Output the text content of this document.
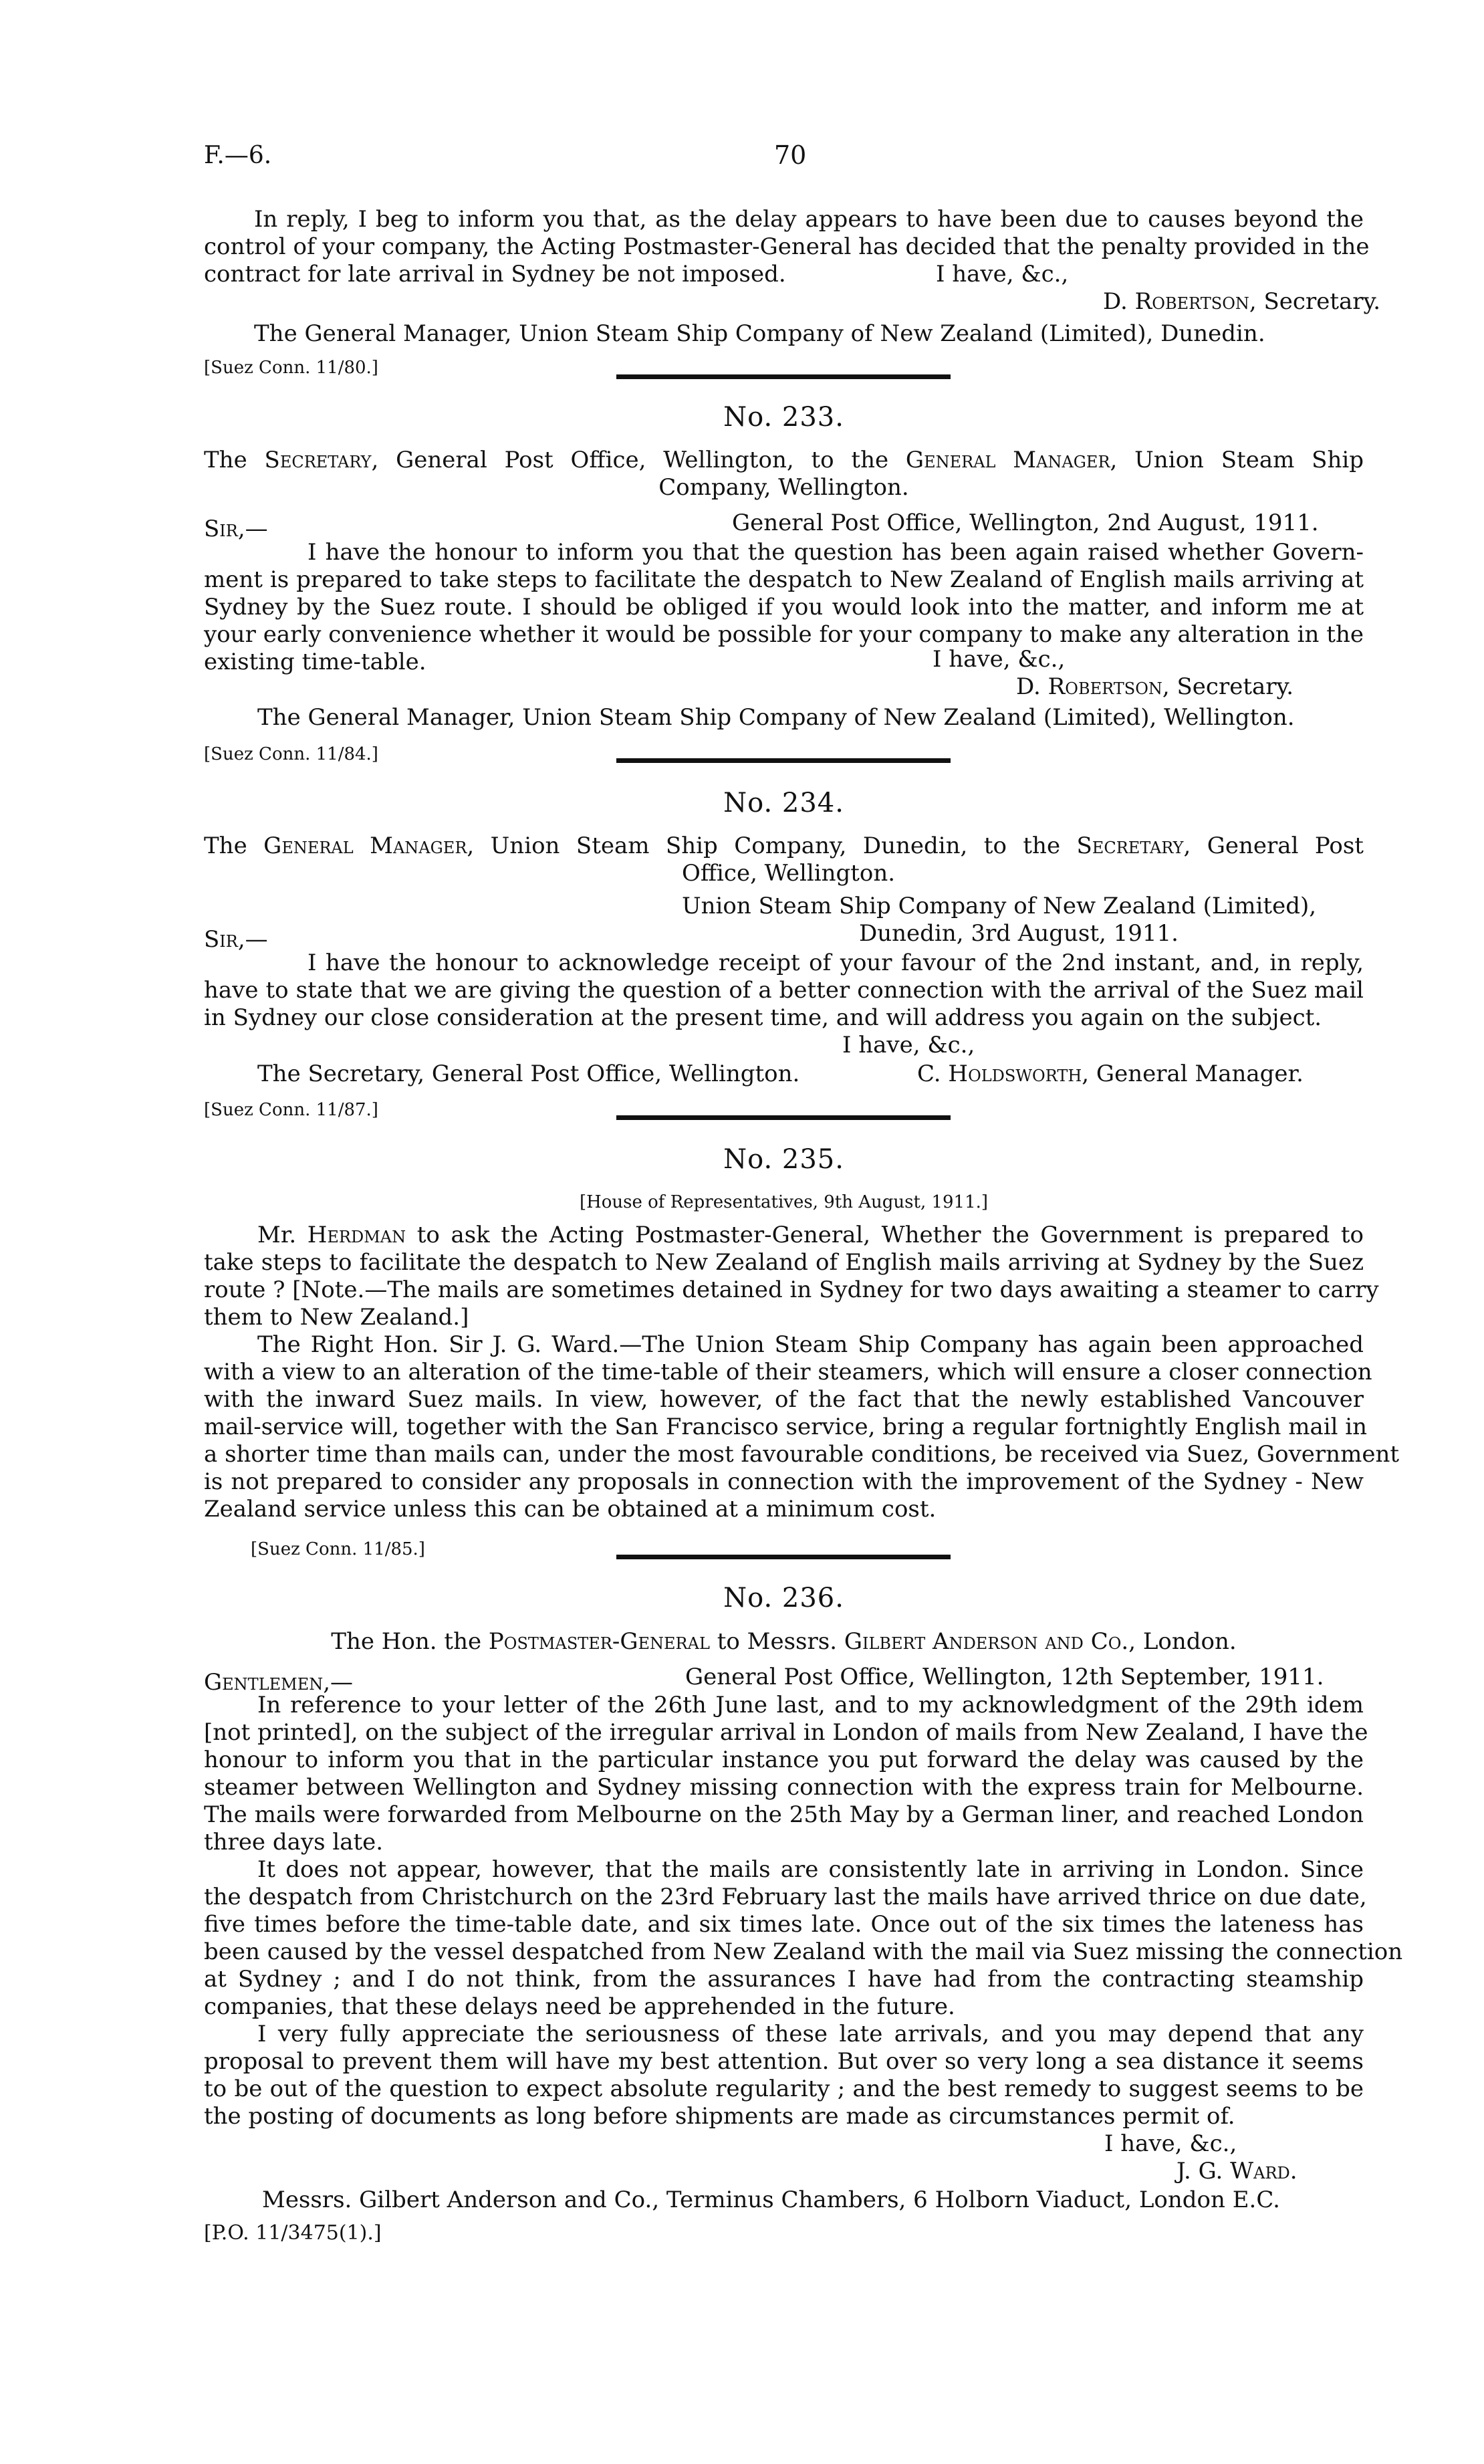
F.—6.	70
In reply, I beg to inform you that, as the delay appears to have been due to causes beyond the
control of your company, the Acting Postmaster-General has decided that the penalty provided in the
contract for late arrival in Sydney be not imposed.	I have, &c.,
D. Robertson, Secretary.
The General Manager, Union Steam Ship Company of New Zealand (Limited), Dunedin.
[Suez Conn. 11/80.]
No. 233.
The Secretary, General Post Office, Wellington, to the General Manager, Union Steam Ship
Company, Wellington.
Sir,—	General Post Office, Wellington, 2nd August, 1911.
I have the honour to inform you that the question has been again raised whether Govern-
ment is prepared to take steps to facilitate the despatch to New Zealand of English mails arriving at
Sydney by the Suez route. I should be obliged if you would look into the matter, and inform me at
your early convenience whether it would be possible for your company to make any alteration in the
existing time-table.	I have, &c.,
D. Robertson, Secretary.
The General Manager, Union Steam Ship Company of New Zealand (Limited), Wellington.
[Suez Conn. 11/84.]
No. 234.
The General Manager, Union Steam Ship Company, Dunedin, to the Secretary, General Post
Office, Wellington.
Union Steam Ship Company of New Zealand (Limited),
Dunedin, 3rd August, 1911.
Sir,—
I have the honour to acknowledge receipt of your favour of the 2nd instant, and, in reply,
have to state that we are giving the question of a better connection with the arrival of the Suez mail
in Sydney our close consideration at the present time, and will address you again on the subject.
I have, &c.,
The Secretary, General Post Office, Wellington.	C. Holdsworth, General Manager.
[Suez Conn. 11/87.]
No. 235.
[House of Representatives, 9th August, 1911.]
Mr. Herdman to ask the Acting Postmaster-General, Whether the Government is prepared to
take steps to facilitate the despatch to New Zealand of English mails arriving at Sydney by the Suez
route ? [Note.—The mails are sometimes detained in Sydney for two days awaiting a steamer to carry
them to New Zealand.]
The Right Hon. Sir J. G. Ward.—The Union Steam Ship Company has again been approached
with a view to an alteration of the time-table of their steamers, which will ensure a closer connection
with the inward Suez mails. In view, however, of the fact that the newly established Vancouver
mail-service will, together with the San Francisco service, bring a regular fortnightly English mail in
a shorter time than mails can, under the most favourable conditions, be received via Suez, Government
is not prepared to consider any proposals in connection with the improvement of the Sydney - New
Zealand service unless this can be obtained at a minimum cost.
[Suez Conn. 11/85.]
No. 236.
The Hon. the Postmaster-General to Messrs. Gilbert Anderson and Co., London.
Gentlemen,—	General Post Office, Wellington, 12th September, 1911.
In reference to your letter of the 26th June last, and to my acknowledgment of the 29th idem
[not printed], on the subject of the irregular arrival in London of mails from New Zealand, I have the
honour to inform you that in the particular instance you put forward the delay was caused by the
steamer between Wellington and Sydney missing connection with the express train for Melbourne.
The mails were forwarded from Melbourne on the 25th May by a German liner, and reached London
three days late.
It does not appear, however, that the mails are consistently late in arriving in London. Since
the despatch from Christchurch on the 23rd February last the mails have arrived thrice on due date,
five times before the time-table date, and six times late. Once out of the six times the lateness has
been caused by the vessel despatched from New Zealand with the mail via Suez missing the connection
at Sydney ; and I do not think, from the assurances I have had from the contracting steamship
companies, that these delays need be apprehended in the future.
I very fully appreciate the seriousness of these late arrivals, and you may depend that any
proposal to prevent them will have my best attention. But over so very long a sea distance it seems
to be out of the question to expect absolute regularity ; and the best remedy to suggest seems to be
the posting of documents as long before shipments are made as circumstances permit of.
I have, &c.,
J. G. Ward.
Messrs. Gilbert Anderson and Co., Terminus Chambers, 6 Holborn Viaduct, London E.C.
[P.O. 11/3475(1).]
